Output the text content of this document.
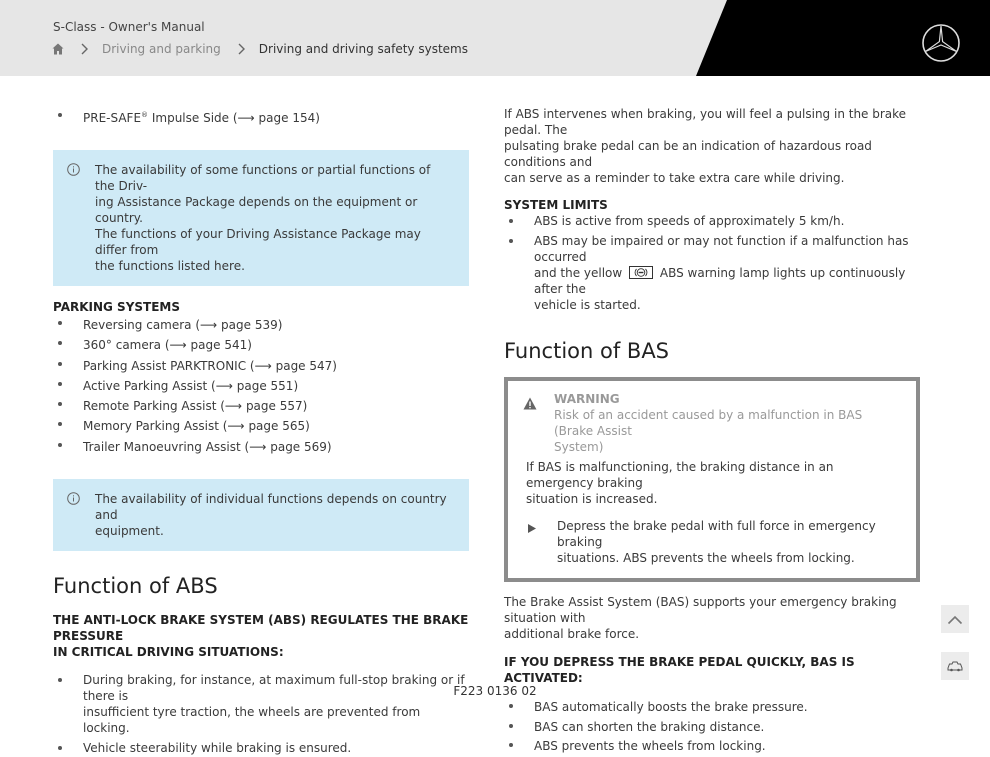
S-Class - Owner's Manual
Driving and parking	Driving and driving safety systems
PRE-SAFE® Impulse Side (⟶ page 154)
The availability of some functions or partial functions of the Driv-
ing Assistance Package depends on the equipment or country.
The functions of your Driving Assistance Package may differ from
the functions listed here.
PARKING SYSTEMS
Reversing camera (⟶ page 539)
360° camera (⟶ page 541)
Parking Assist PARKTRONIC (⟶ page 547)
Active Parking Assist (⟶ page 551)
Remote Parking Assist (⟶ page 557)
Memory Parking Assist (⟶ page 565)
Trailer Manoeuvring Assist (⟶ page 569)
The availability of individual functions depends on country and
equipment.
Function of ABS
THE ANTI-LOCK BRAKE SYSTEM (ABS) REGULATES THE BRAKE PRESSURE
IN CRITICAL DRIVING SITUATIONS:
During braking, for instance, at maximum full-stop braking or if there is
insufficient tyre traction, the wheels are prevented from locking.
Vehicle steerability while braking is ensured.
If ABS intervenes when braking, you will feel a pulsing in the brake pedal. The
pulsating brake pedal can be an indication of hazardous road conditions and
can serve as a reminder to take extra care while driving.
SYSTEM LIMITS
ABS is active from speeds of approximately 5 km/h.
ABS may be impaired or may not function if a malfunction has occurred
and the yellow	ABS warning lamp lights up continuously after the
vehicle is started.
Function of BAS
WARNING
Risk of an accident caused by a malfunction in BAS (Brake Assist
System)
If BAS is malfunctioning, the braking distance in an emergency braking
situation is increased.
Depress the brake pedal with full force in emergency braking
situations. ABS prevents the wheels from locking.
The Brake Assist System (BAS) supports your emergency braking situation with
additional brake force.
IF YOU DEPRESS THE BRAKE PEDAL QUICKLY, BAS IS ACTIVATED:
BAS automatically boosts the brake pressure.
BAS can shorten the braking distance.
ABS prevents the wheels from locking.
F223 0136 02
